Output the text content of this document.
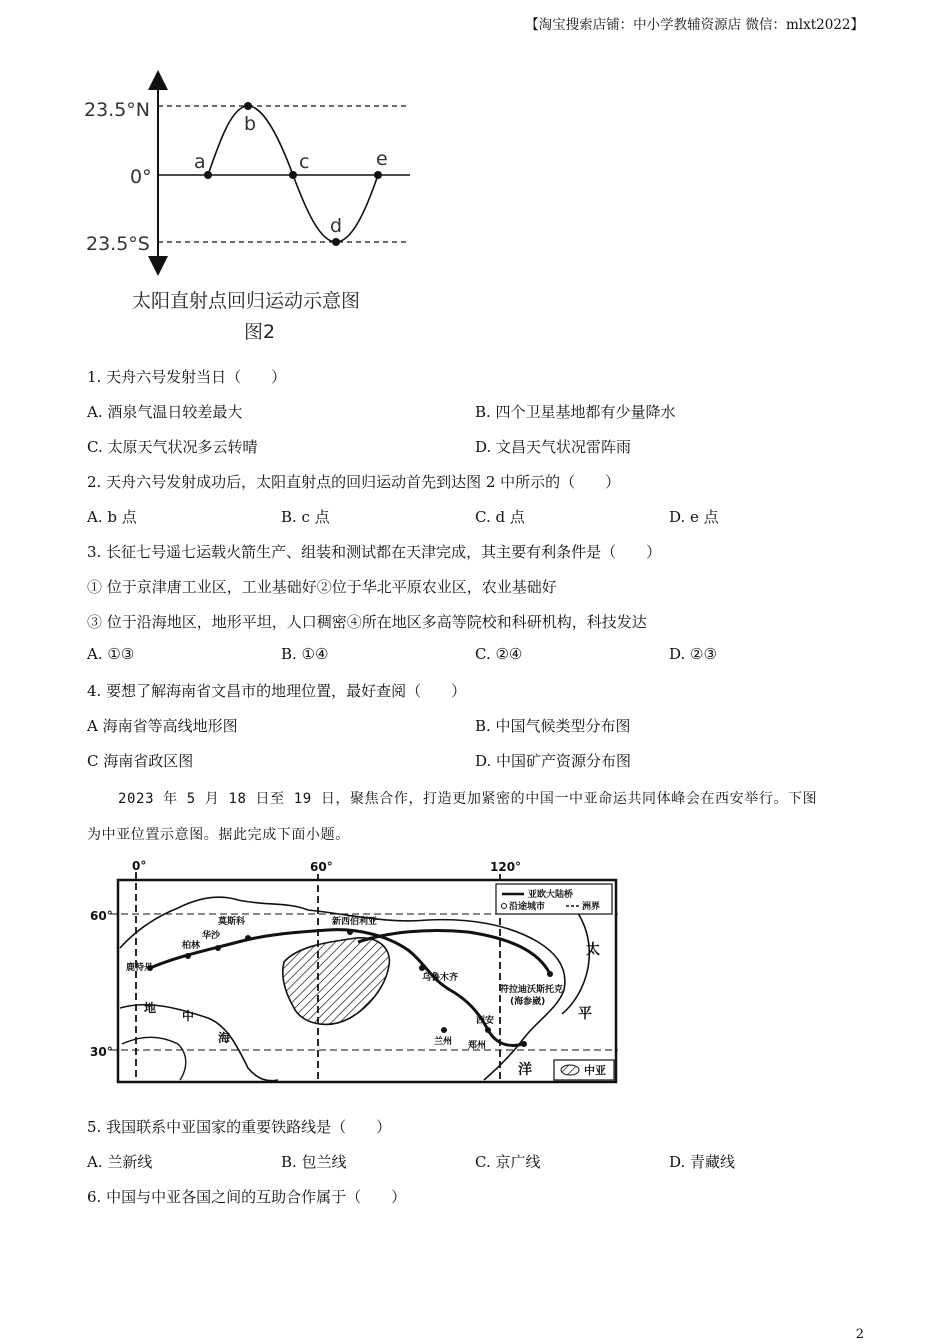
【淘宝搜索店铺：中小学教辅资源店 微信：mlxt2022】
23.5°N
0°
23.5°S
a
b
c
d
e
太阳直射点回归运动示意图
图2
1. 天舟六号发射当日（　　）
A. 酒泉气温日较差最大	B. 四个卫星基地都有少量降水
C. 太原天气状况多云转晴	D. 文昌天气状况雷阵雨
2. 天舟六号发射成功后，太阳直射点的回归运动首先到达图 2 中所示的（　　）
A. b 点	B. c 点	C. d 点	D. e 点
3. 长征七号遥七运载火箭生产、组装和测试都在天津完成，其主要有利条件是（　　）
① 位于京津唐工业区，工业基础好②位于华北平原农业区，农业基础好
③ 位于沿海地区，地形平坦，人口稠密④所在地区多高等院校和科研机构，科技发达
A. ①③	B. ①④	C. ②④	D. ②③
4. 要想了解海南省文昌市的地理位置，最好查阅（　　）
A 海南省等高线地形图	B. 中国气候类型分布图
C 海南省政区图	D. 中国矿产资源分布图
2023 年 5 月 18 日至 19 日，聚焦合作，打造更加紧密的中国一中亚命运共同体峰会在西安举行。下图
为中亚位置示意图。据此完成下面小题。
0°	60°	120°
60°
30°
亚欧大陆桥
沿途城市	洲界
中亚
鹿特丹
柏林
华沙
莫斯科	新西伯利亚
乌鲁木齐
符拉迪沃斯托克
(海参崴)
西安
兰州 郑州
太
平
洋
地
中
海
5. 我国联系中亚国家的重要铁路线是（　　）
A. 兰新线	B. 包兰线	C. 京广线	D. 青藏线
6. 中国与中亚各国之间的互助合作属于（　　）
2
